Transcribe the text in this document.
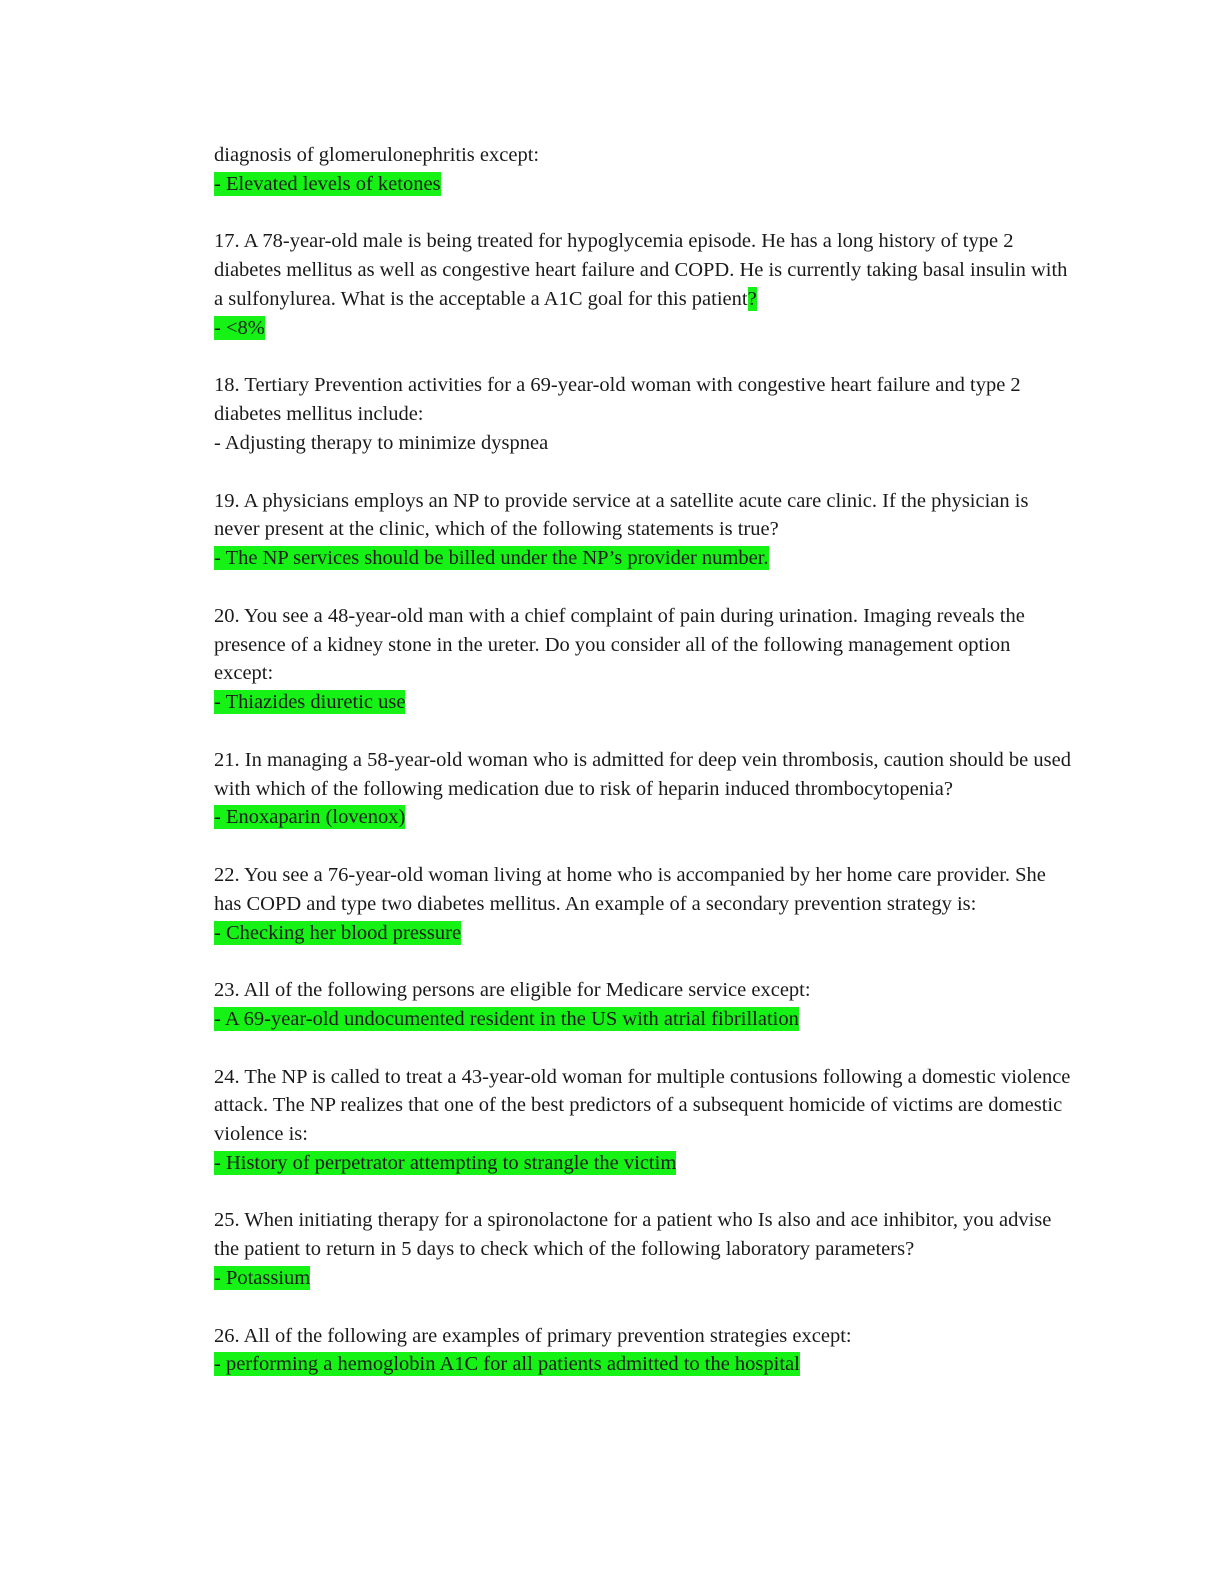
diagnosis of glomerulonephritis except:

- Elevated levels of ketones

17. A 78-year-old male is being treated for hypoglycemia episode. He has a long history of type 2 diabetes mellitus as well as congestive heart failure and COPD. He is currently taking basal insulin with a sulfonylurea. What is the acceptable a A1C goal for this patient?

- <8%

18. Tertiary Prevention activities for a 69-year-old woman with congestive heart failure and type 2 diabetes mellitus include:

- Adjusting therapy to minimize dyspnea

19. A physicians employs an NP to provide service at a satellite acute care clinic. If the physician is never present at the clinic, which of the following statements is true?

- The NP services should be billed under the NP’s provider number.

20. You see a 48-year-old man with a chief complaint of pain during urination. Imaging reveals the presence of a kidney stone in the ureter. Do you consider all of the following management option except:

- Thiazides diuretic use

21. In managing a 58-year-old woman who is admitted for deep vein thrombosis, caution should be used with which of the following medication due to risk of heparin induced thrombocytopenia?

- Enoxaparin (lovenox)

22. You see a 76-year-old woman living at home who is accompanied by her home care provider. She has COPD and type two diabetes mellitus. An example of a secondary prevention strategy is:

- Checking her blood pressure

23. All of the following persons are eligible for Medicare service except:

- A 69-year-old undocumented resident in the US with atrial fibrillation

24. The NP is called to treat a 43-year-old woman for multiple contusions following a domestic violence attack. The NP realizes that one of the best predictors of a subsequent homicide of victims are domestic violence is:

- History of perpetrator attempting to strangle the victim

25. When initiating therapy for a spironolactone for a patient who Is also and ace inhibitor, you advise the patient to return in 5 days to check which of the following laboratory parameters?

- Potassium

26. All of the following are examples of primary prevention strategies except:

- performing a hemoglobin A1C for all patients admitted to the hospital
